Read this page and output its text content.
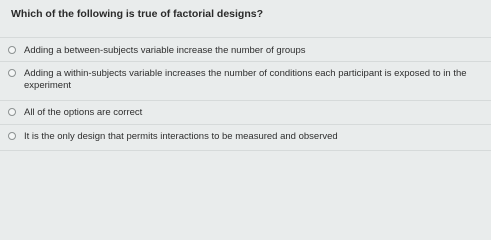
Which of the following is true of factorial designs?

Adding a between-subjects variable increase the number of groups
Adding a within-subjects variable increases the number of conditions each participant is exposed to in the experiment
All of the options are correct
It is the only design that permits interactions to be measured and observed
